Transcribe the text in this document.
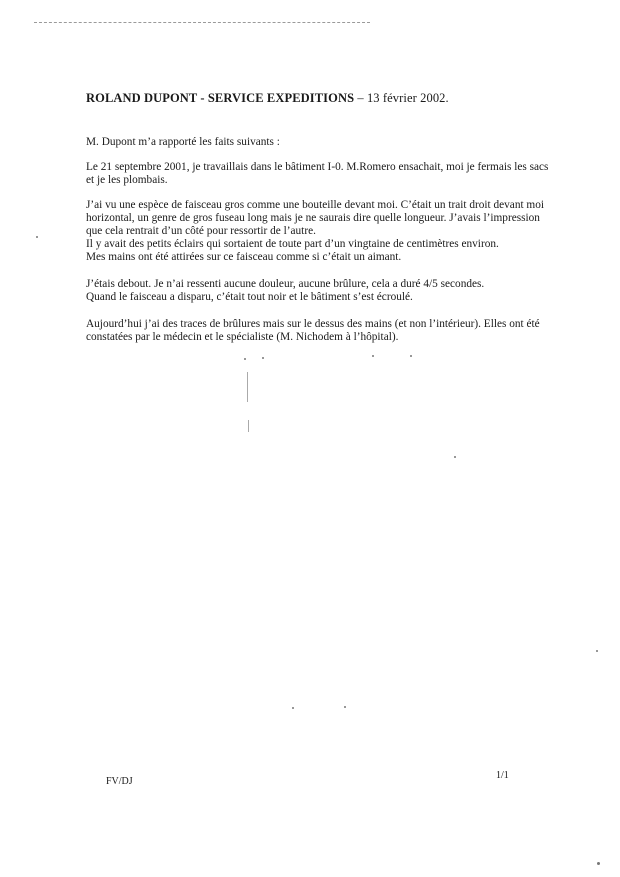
ROLAND DUPONT - SERVICE EXPEDITIONS – 13 février 2002.

M. Dupont m’a rapporté les faits suivants :

Le 21 septembre 2001, je travaillais dans le bâtiment I-0. M.Romero ensachait, moi je fermais les sacs
et je les plombais.

J’ai vu une espèce de faisceau gros comme une bouteille devant moi. C’était un trait droit devant moi
horizontal, un genre de gros fuseau long mais je ne saurais dire quelle longueur. J’avais l’impression
que cela rentrait d’un côté pour ressortir de l’autre.
Il y avait des petits éclairs qui sortaient de toute part d’un vingtaine de centimètres environ.
Mes mains ont été attirées sur ce faisceau comme si c’était un aimant.

J’étais debout. Je n’ai ressenti aucune douleur, aucune brûlure, cela a duré 4/5 secondes.
Quand le faisceau a disparu, c’était tout noir et le bâtiment s’est écroulé.

Aujourd’hui j’ai des traces de brûlures mais sur le dessus des mains (et non l’intérieur). Elles ont été
constatées par le médecin et le spécialiste (M. Nichodem à l’hôpital).

FV/DJ
1/1
